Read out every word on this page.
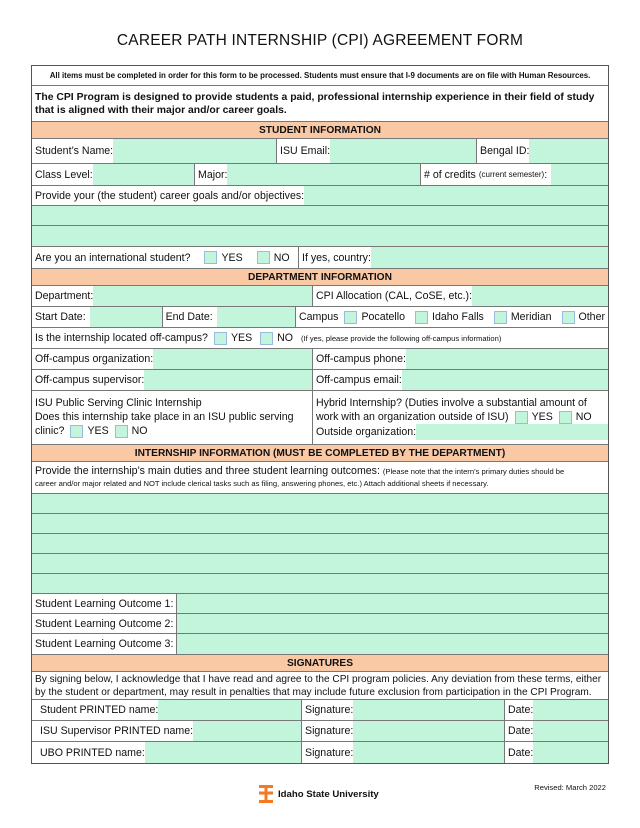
CAREER PATH INTERNSHIP (CPI) AGREEMENT FORM
All items must be completed in order for this form to be processed. Students must ensure that I-9 documents are on file with Human Resources.
The CPI Program is designed to provide students a paid, professional internship experience in their field of study that is aligned with their major and/or career goals.
STUDENT INFORMATION
Student’s Name:	ISU Email:	Bengal ID:
Class Level:	Major:	# of credits (current semester) :
Provide your (the student) career goals and/or objectives:
Are you an international student?	YES	NO If yes, country:
DEPARTMENT INFORMATION
Department:	CPI Allocation (CAL, CoSE, etc.):
Start Date:	End Date:	Campus Pocatello	Idaho Falls	Meridian	Other
Is the internship located off-campus? YES NO (If yes, please provide the following off-campus information)
Off-campus organization:	Off-campus phone:
Off-campus supervisor:	Off-campus email:
ISU Public Serving Clinic Internship
Does this internship take place in an ISU public serving
clinic? YES NO
Hybrid Internship? (Duties involve a substantial amount of
work with an organization outside of ISU) YES NO
Outside organization:
INTERNSHIP INFORMATION (MUST BE COMPLETED BY THE DEPARTMENT)
Provide the internship’s main duties and three student learning outcomes: (Please note that the intern’s primary duties should be
career and/or major related and NOT include clerical tasks such as filing, answering phones, etc.) Attach additional sheets if necessary.
Student Learning Outcome 1:
Student Learning Outcome 2:
Student Learning Outcome 3:
SIGNATURES
By signing below, I acknowledge that I have read and agree to the CPI program policies. Any deviation from these terms, either by the student or department, may result in penalties that may include future exclusion from participation in the CPI Program.
Student PRINTED name:	Signature:	Date:
ISU Supervisor PRINTED name:	Signature:	Date:
UBO PRINTED name:	Signature:	Date:
Idaho State University
Revised: March 2022
